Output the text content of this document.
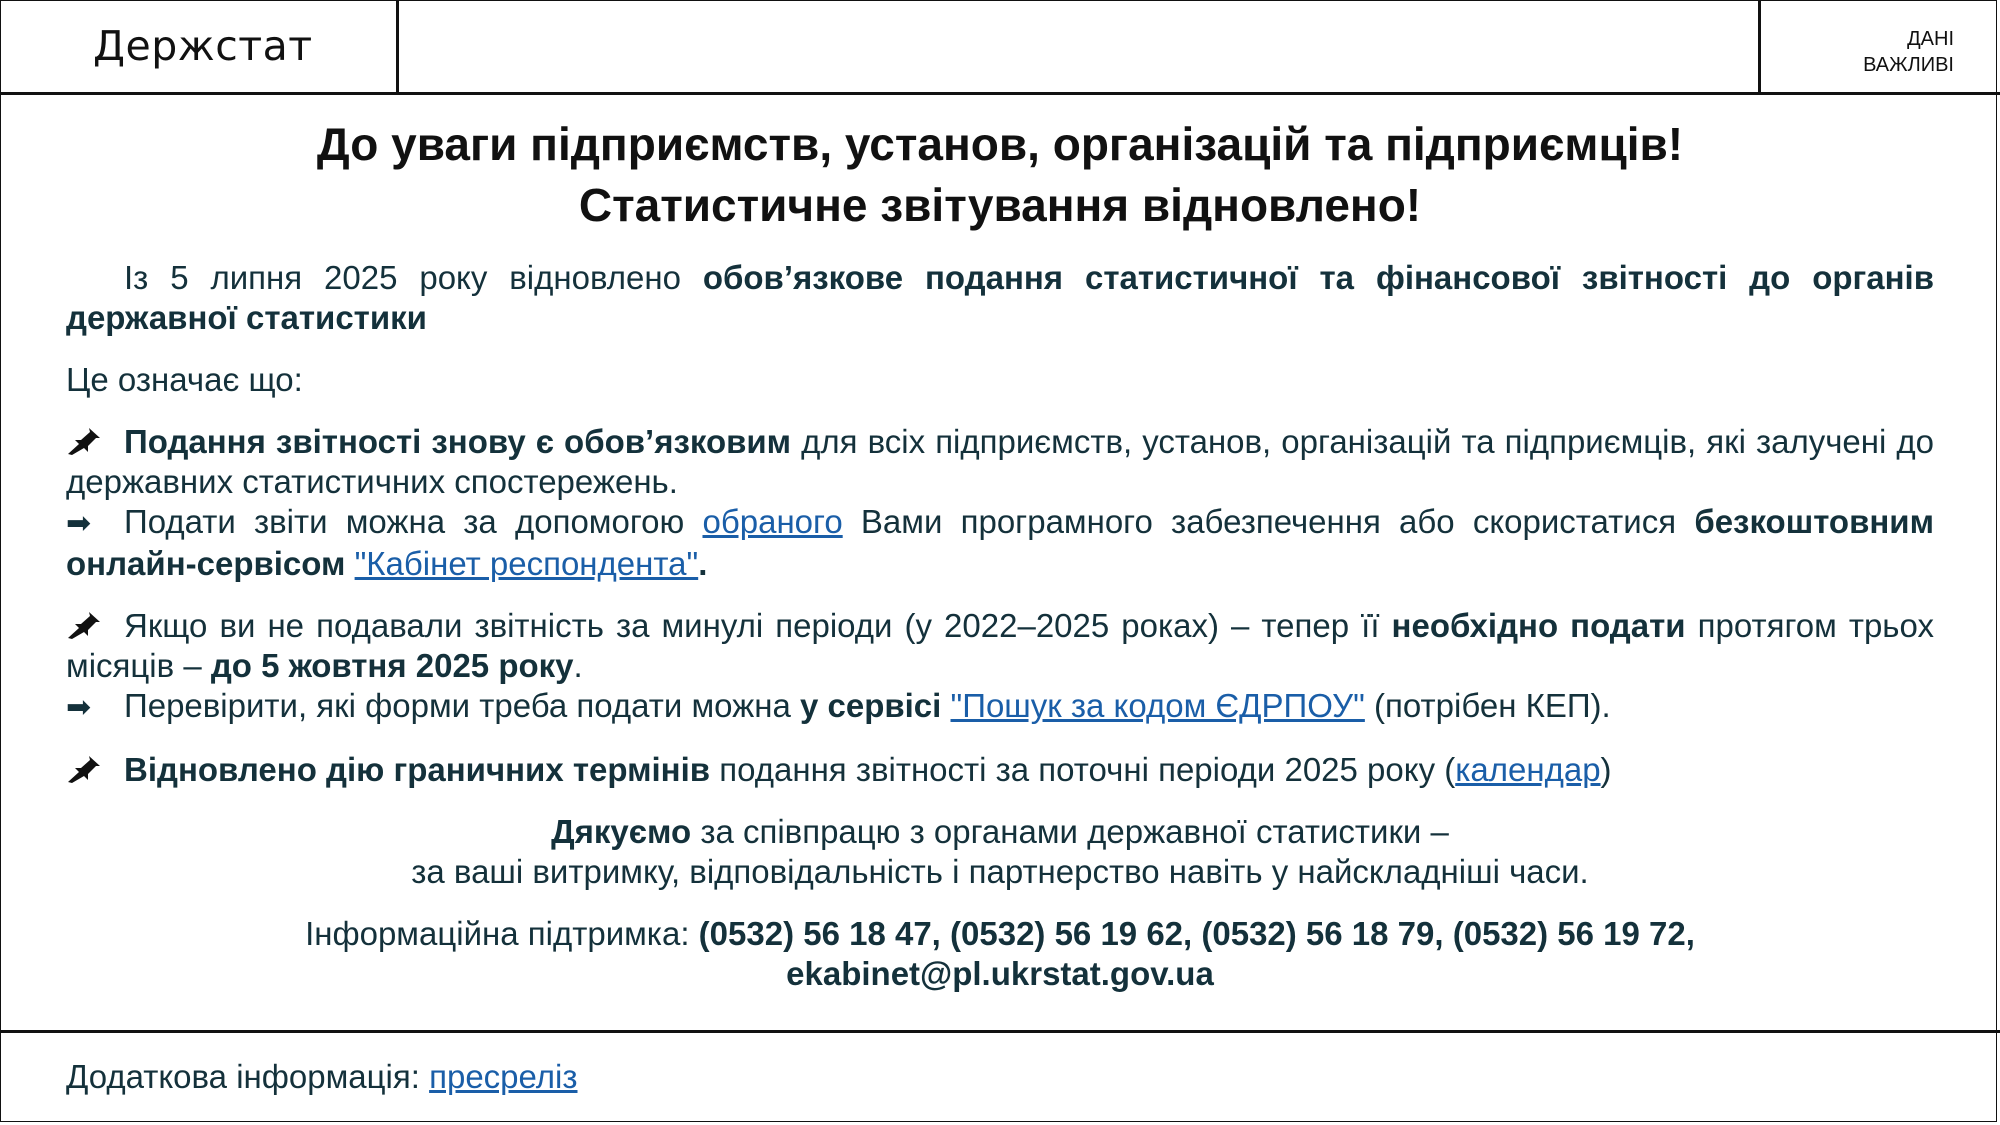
Держстат	ДАНІ
ВАЖЛИВІ
До уваги підприємств, установ, організацій та підприємців!
Статистичне звітування відновлено!

Із 5 липня 2025 року відновлено обов’язкове подання статистичної та фінансової звітності до органів державної статистики

Це означає що:

Подання звітності знову є обов’язковим для всіх підприємств, установ, організацій та підприємців, які залучені до державних статистичних спостережень.

➡ Подати звіти можна за допомогою обраного Вами програмного забезпечення або скористатися безкоштовним онлайн-сервісом "Кабінет респондента".

Якщо ви не подавали звітність за минулі періоди (у 2022–2025 роках) – тепер її необхідно подати протягом трьох місяців – до 5 жовтня 2025 року.

➡ Перевірити, які форми треба подати можна у сервісі "Пошук за кодом ЄДРПОУ" (потрібен КЕП).

Відновлено дію граничних термінів подання звітності за поточні періоди 2025 року (календар)

Дякуємо за співпрацю з органами державної статистики –

за ваші витримку, відповідальність і партнерство навіть у найскладніші часи.

Інформаційна підтримка: (0532) 56 18 47, (0532) 56 19 62, (0532) 56 18 79, (0532) 56 19 72,

ekabinet@pl.ukrstat.gov.ua

Додаткова інформація: пресреліз
